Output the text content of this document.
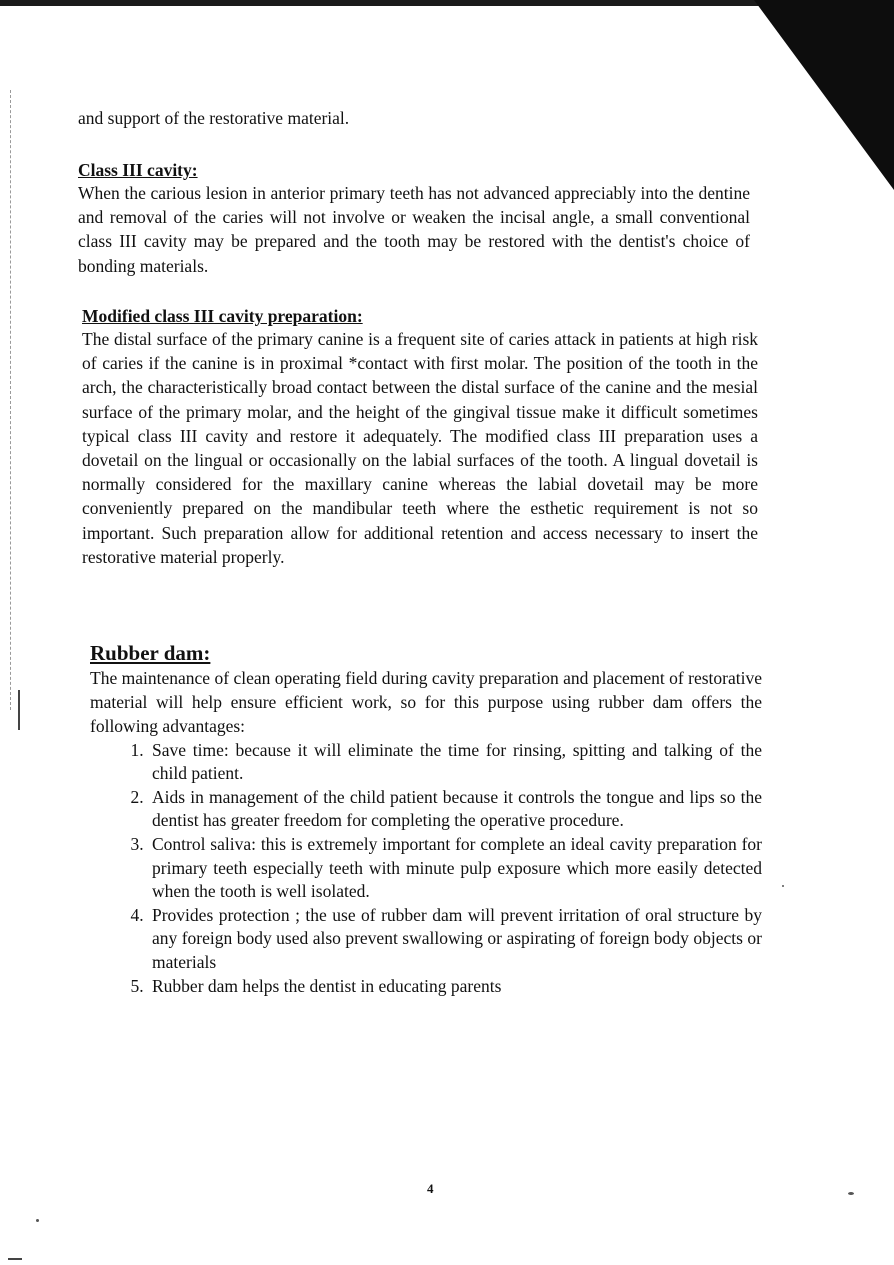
and support of the restorative material.

Class III cavity:

When the carious lesion in anterior primary teeth has not advanced appreciably into the dentine and removal of the caries will not involve or weaken the incisal angle, a small conventional class III cavity may be prepared and the tooth may be restored with the dentist's choice of bonding materials.

Modified class III cavity preparation:

The distal surface of the primary canine is a frequent site of caries attack in patients at high risk of caries if the canine is in proximal *contact with first molar. The position of the tooth in the arch, the characteristically broad contact between the distal surface of the canine and the mesial surface of the primary molar, and the height of the gingival tissue make it difficult sometimes typical class III cavity and restore it adequately. The modified class III preparation uses a dovetail on the lingual or occasionally on the labial surfaces of the tooth. A lingual dovetail is normally considered for the maxillary canine whereas the labial dovetail may be more conveniently prepared on the mandibular teeth where the esthetic requirement is not so important. Such preparation allow for additional retention and access necessary to insert the restorative material properly.

Rubber dam:

The maintenance of clean operating field during cavity preparation and placement of restorative material will help ensure efficient work, so for this purpose using rubber dam offers the following advantages:

1. Save time: because it will eliminate the time for rinsing, spitting and talking of the child patient.
2. Aids in management of the child patient because it controls the tongue and lips so the dentist has greater freedom for completing the operative procedure.
3. Control saliva: this is extremely important for complete an ideal cavity preparation for primary teeth especially teeth with minute pulp exposure which more easily detected when the tooth is well isolated.
4. Provides protection ; the use of rubber dam will prevent irritation of oral structure by any foreign body used also prevent swallowing or aspirating of foreign body objects or materials
5. Rubber dam helps the dentist in educating parents
4
